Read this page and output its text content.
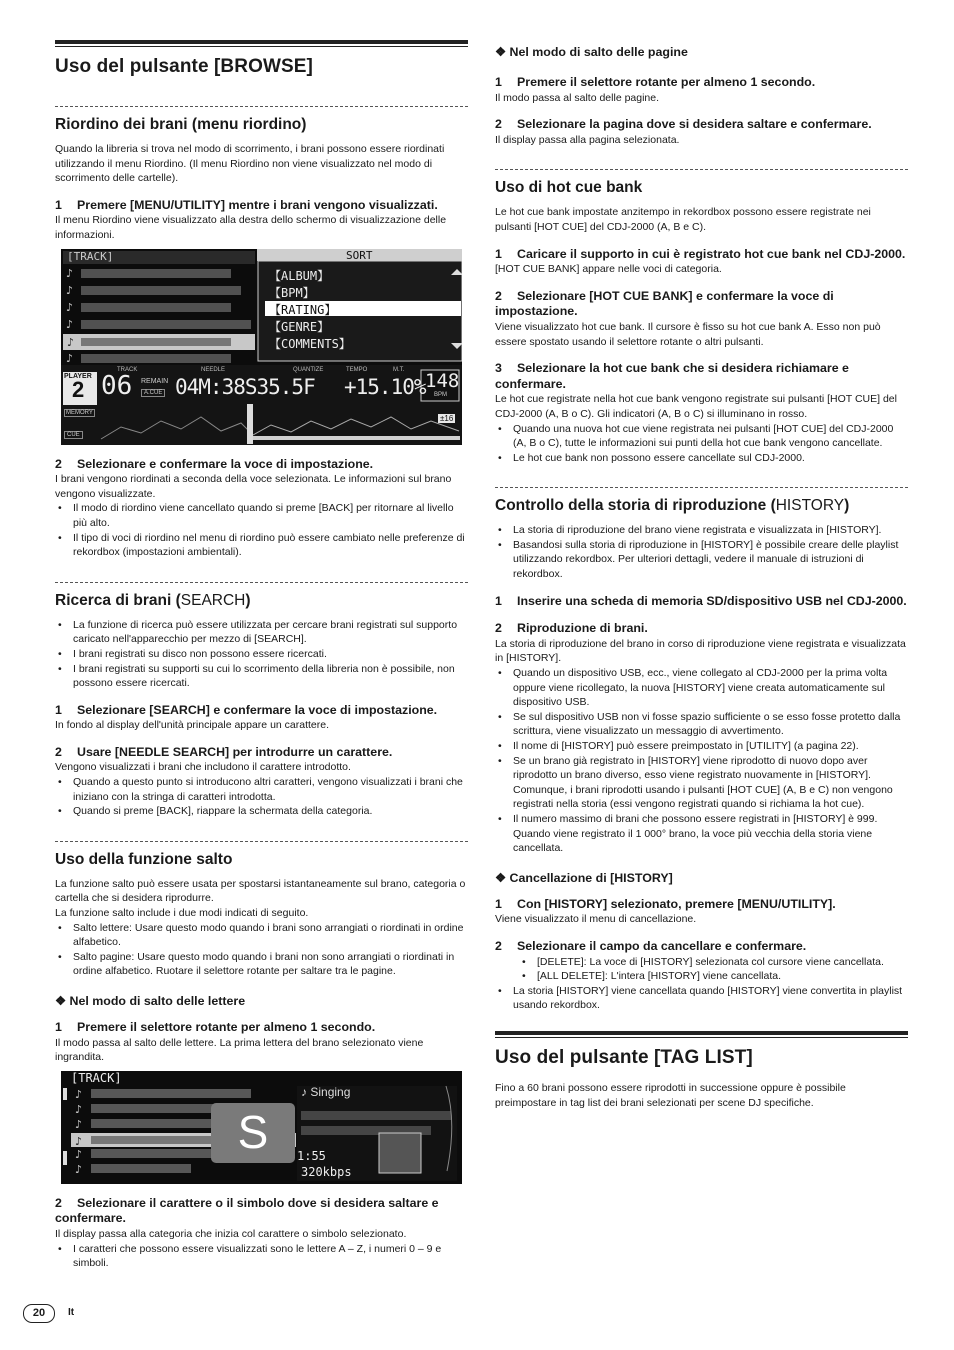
Uso del pulsante [BROWSE]
Riordino dei brani (menu riordino)

Quando la libreria si trova nel modo di scorrimento, i brani possono essere riordinati utilizzando il menu Riordino. (Il menu Riordino non viene visualizzato nel modo di scorrimento delle cartelle).

1 Premere [MENU/UTILITY] mentre i brani vengono visualizzati.

Il menu Riordino viene visualizzato alla destra dello schermo di visualizzazione delle informazioni.

♪
♪
♪
♪
♪
♪
[TRACK]	SORT
【ALBUM】
【BPM】
【RATING】
【GENRE】
【COMMENTS】
PLAYER
2
TRACK
06 REMAIN
A.CUE
NEEDLE	QUANTIZE	TEMPO	M.T.
04M:38S35.5F +15.10% 148
BPM
MEMORY
CUE
±16
2 Selezionare e confermare la voce di impostazione.

I brani vengono riordinati a seconda della voce selezionata. Le informazioni sul brano vengono visualizzate.

• Il modo di riordino viene cancellato quando si preme [BACK] per ritornare al livello più alto.
• Il tipo di voci di riordino nel menu di riordino può essere cambiato nelle preferenze di rekordbox (impostazioni ambientali).
Ricerca di brani (SEARCH)
• La funzione di ricerca può essere utilizzata per cercare brani registrati sul supporto caricato nell'apparecchio per mezzo di [SEARCH].
• I brani registrati su disco non possono essere ricercati.
• I brani registrati su supporti su cui lo scorrimento della libreria non è possibile, non possono essere ricercati.
1 Selezionare [SEARCH] e confermare la voce di impostazione.

In fondo al display dell'unità principale appare un carattere.

2 Usare [NEEDLE SEARCH] per introdurre un carattere.

Vengono visualizzati i brani che includono il carattere introdotto.

• Quando a questo punto si introducono altri caratteri, vengono visualizzati i brani che iniziano con la stringa di caratteri introdotta.
• Quando si preme [BACK], riappare la schermata della categoria.
Uso della funzione salto

La funzione salto può essere usata per spostarsi istantaneamente sul brano, categoria o cartella che si desidera riprodurre.

La funzione salto include i due modi indicati di seguito.

• Salto lettere: Usare questo modo quando i brani sono arrangiati o riordinati in ordine alfabetico.
• Salto pagine: Usare questo modo quando i brani non sono arrangiati o riordinati in ordine alfabetico. Ruotare il selettore rotante per saltare tra le pagine.
❖ Nel modo di salto delle lettere
1 Premere il selettore rotante per almeno 1 secondo.

Il modo passa al salto delle lettere. La prima lettera del brano selezionato viene ingrandita.

♪
♪
♪
♪
♪
♪
[TRACK]
S
♪ Singing
1:55
320kbps
2 Selezionare il carattere o il simbolo dove si desidera saltare e confermare.

Il display passa alla categoria che inizia col carattere o simbolo selezionato.

• I caratteri che possono essere visualizzati sono le lettere A – Z, i numeri 0 – 9 e simboli.
❖ Nel modo di salto delle pagine
1 Premere il selettore rotante per almeno 1 secondo.

Il modo passa al salto delle pagine.

2 Selezionare la pagina dove si desidera saltare e confermare.

Il display passa alla pagina selezionata.

Uso di hot cue bank

Le hot cue bank impostate anzitempo in rekordbox possono essere registrate nei pulsanti [HOT CUE] del CDJ-2000 (A, B e C).

1 Caricare il supporto in cui è registrato hot cue bank nel CDJ-2000.

[HOT CUE BANK] appare nelle voci di categoria.

2 Selezionare [HOT CUE BANK] e confermare la voce di impostazione.

Viene visualizzato hot cue bank. Il cursore è fisso su hot cue bank A. Esso non può essere spostato usando il selettore rotante o altri pulsanti.

3 Selezionare la hot cue bank che si desidera richiamare e confermare.

Le hot cue registrate nella hot cue bank vengono registrate sui pulsanti [HOT CUE] del CDJ-2000 (A, B o C). Gli indicatori (A, B o C) si illuminano in rosso.

• Quando una nuova hot cue viene registrata nei pulsanti [HOT CUE] del CDJ-2000 (A, B o C), tutte le informazioni sui punti della hot cue bank vengono cancellate.
• Le hot cue bank non possono essere cancellate sul CDJ-2000.
Controllo della storia di riproduzione (HISTORY)
• La storia di riproduzione del brano viene registrata e visualizzata in [HISTORY].
• Basandosi sulla storia di riproduzione in [HISTORY] è possibile creare delle playlist utilizzando rekordbox. Per ulteriori dettagli, vedere il manuale di istruzioni di rekordbox.
1 Inserire una scheda di memoria SD/dispositivo USB nel CDJ-2000.
2 Riproduzione di brani.

La storia di riproduzione del brano in corso di riproduzione viene registrata e visualizzata in [HISTORY].

• Quando un dispositivo USB, ecc., viene collegato al CDJ-2000 per la prima volta oppure viene ricollegato, la nuova [HISTORY] viene creata automaticamente sul dispositivo USB.
• Se sul dispositivo USB non vi fosse spazio sufficiente o se esso fosse protetto dalla scrittura, viene visualizzato un messaggio di avvertimento.
• Il nome di [HISTORY] può essere preimpostato in [UTILITY] (a pagina 22).
• Se un brano già registrato in [HISTORY] viene riprodotto di nuovo dopo aver riprodotto un brano diverso, esso viene registrato nuovamente in [HISTORY]. Comunque, i brani riprodotti usando i pulsanti [HOT CUE] (A, B e C) non vengono registrati nella storia (essi vengono registrati quando si richiama la hot cue).
• Il numero massimo di brani che possono essere registrati in [HISTORY] è 999. Quando viene registrato il 1 000° brano, la voce più vecchia della storia viene cancellata.
❖ Cancellazione di [HISTORY]
1 Con [HISTORY] selezionato, premere [MENU/UTILITY].

Viene visualizzato il menu di cancellazione.

2 Selezionare il campo da cancellare e confermare.
• [DELETE]: La voce di [HISTORY] selezionata col cursore viene cancellata.
• [ALL DELETE]: L'intera [HISTORY] viene cancellata.
• La storia [HISTORY] viene cancellata quando [HISTORY] viene convertita in playlist usando rekordbox.
Uso del pulsante [TAG LIST]

Fino a 60 brani possono essere riprodotti in successione oppure è possibile preimpostare in tag list dei brani selezionati per scene DJ specifiche.

20	It
